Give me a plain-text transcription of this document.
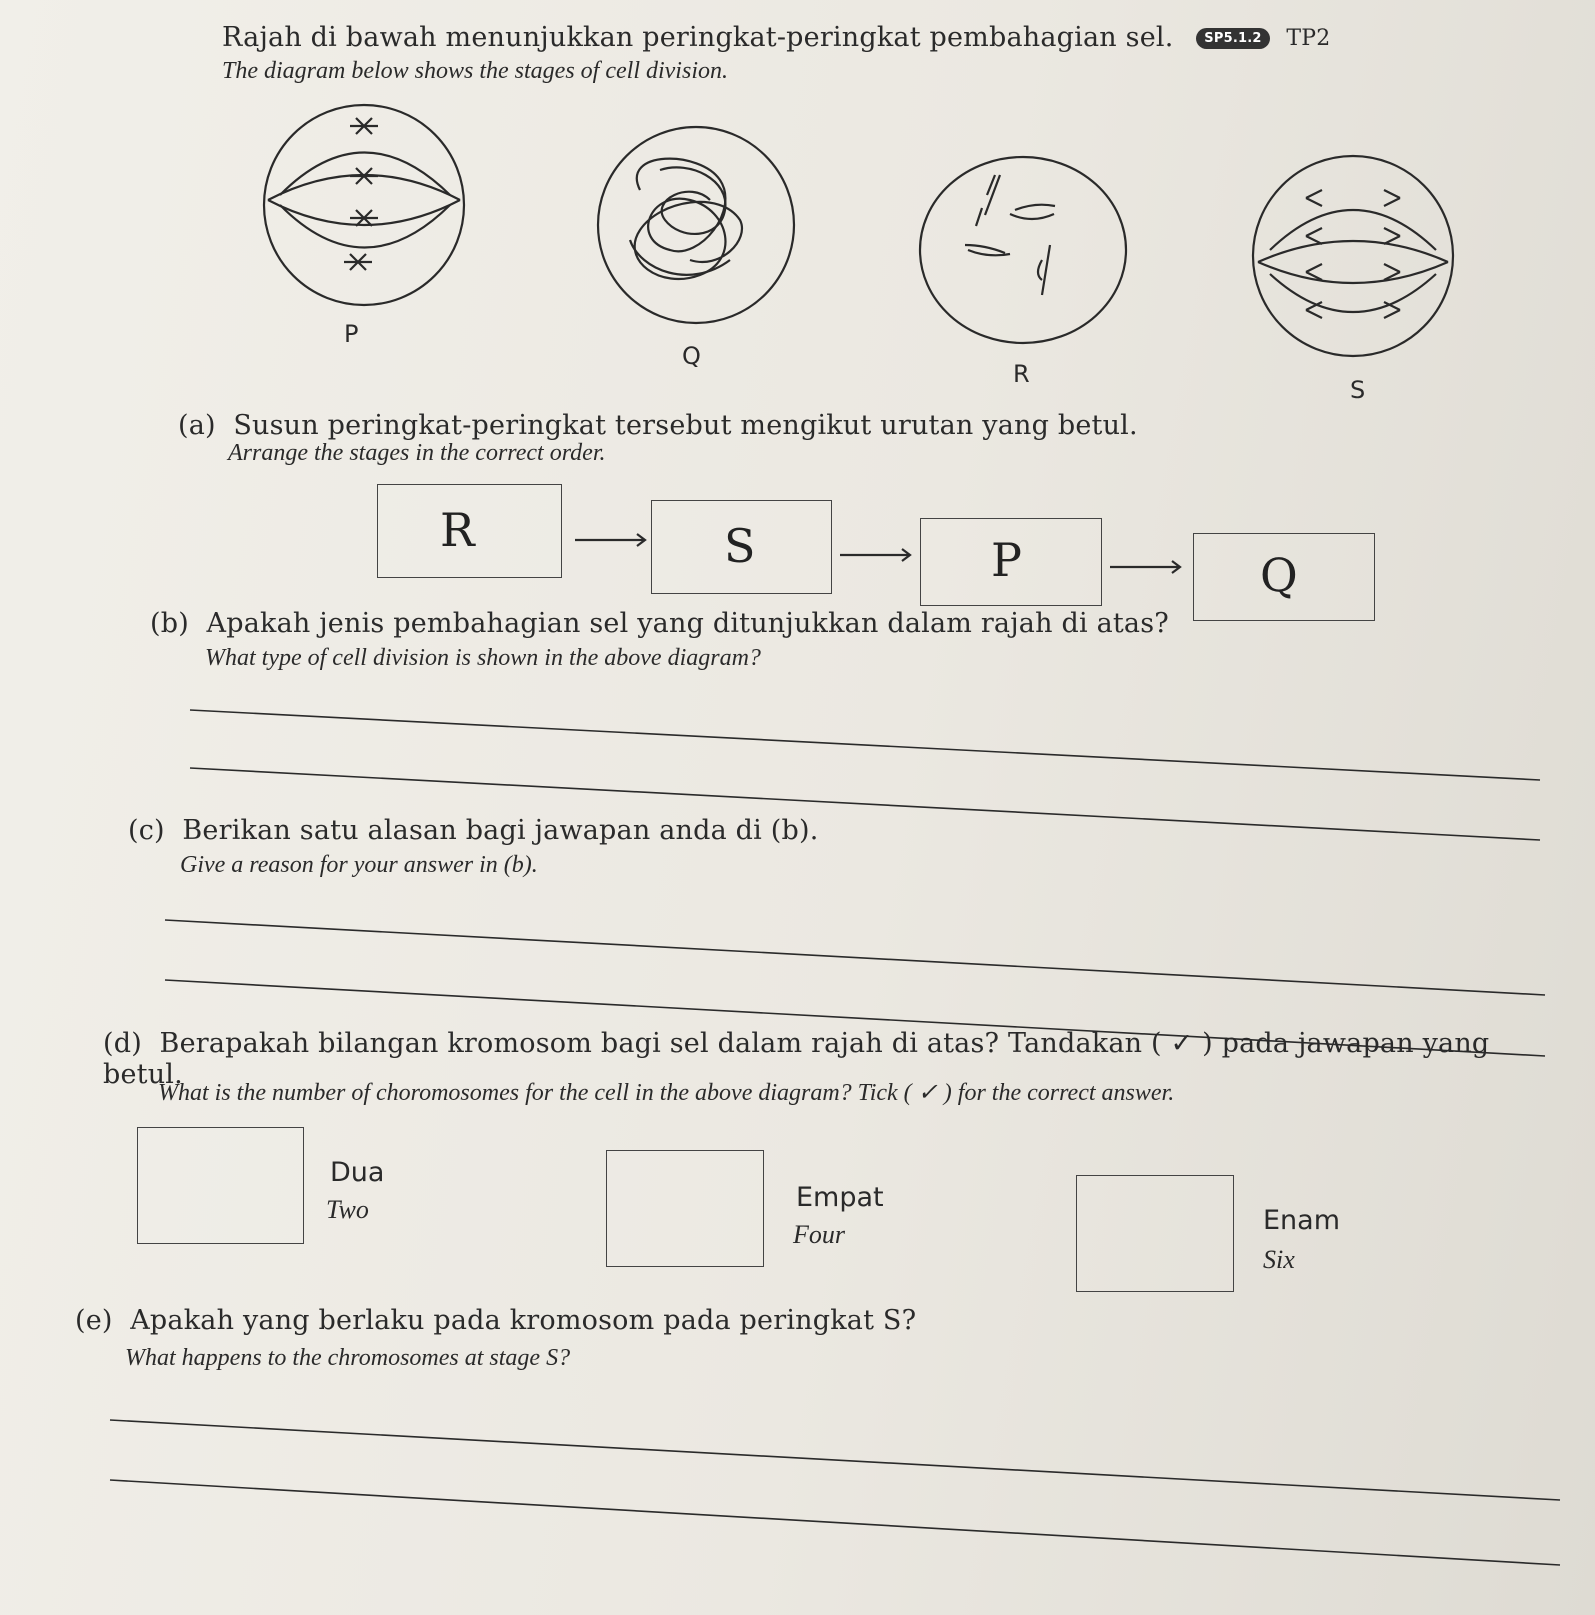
Rajah di bawah menunjukkan peringkat-peringkat pembahagian sel. SP5.1.2 TP2
The diagram below shows the stages of cell division.
P
Q
R
S
(a) Susun peringkat-peringkat tersebut mengikut urutan yang betul.
Arrange the stages in the correct order.
R	S	P	Q
(b) Apakah jenis pembahagian sel yang ditunjukkan dalam rajah di atas?
What type of cell division is shown in the above diagram?
(c) Berikan satu alasan bagi jawapan anda di (b).
Give a reason for your answer in (b).
(d) Berapakah bilangan kromosom bagi sel dalam rajah di atas? Tandakan ( ✓ ) pada jawapan yang betul.
What is the number of choromosomes for the cell in the above diagram? Tick ( ✓ ) for the correct answer.
Dua
Two	Empat
Four	Enam
Six
(e) Apakah yang berlaku pada kromosom pada peringkat S?
What happens to the chromosomes at stage S?
